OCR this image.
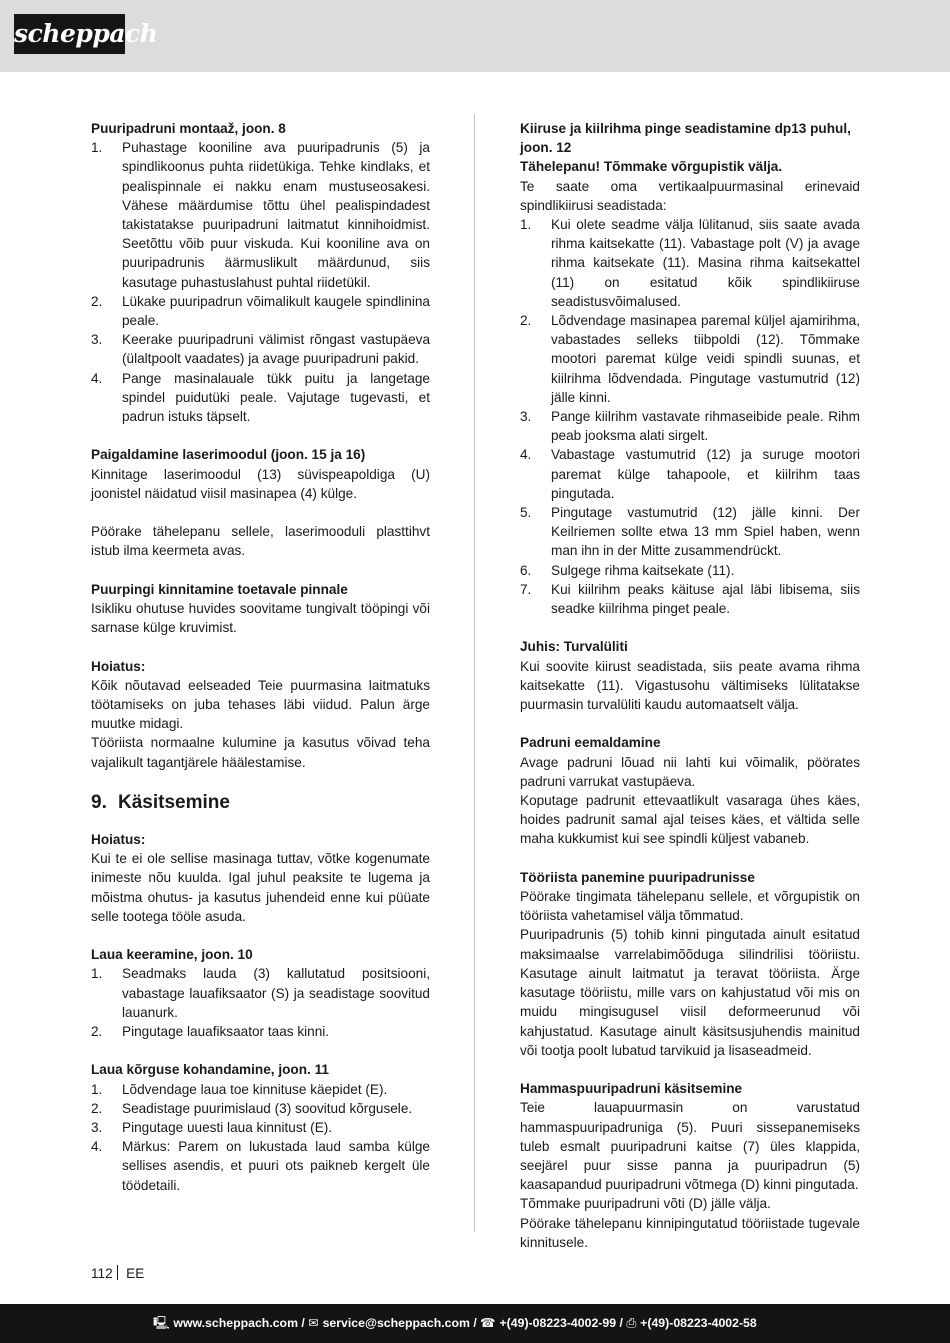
scheppach
Puuripadruni montaaž, joon. 8
1.	Puhastage kooniline ava puuripadrunis (5) ja spindlikoonus puhta riidetükiga. Tehke kindlaks, et pealispinnale ei nakku enam mustuseosakesi. Vähese määrdumise tõttu ühel pealispindadest takistatakse puuripadruni laitmatut kinnihoidmist. Seetõttu võib puur viskuda. Kui kooniline ava on puuripadrunis äärmuslikult määrdunud, siis kasutage puhastuslahust puhtal riidetükil.
2.	Lükake puuripadrun võimalikult kaugele spindlinina peale.
3.	Keerake puuripadruni välimist rõngast vastupäeva (ülaltpoolt vaadates) ja avage puuripadruni pakid.
4.	Pange masinalauale tükk puitu ja langetage spindel puidutüki peale. Vajutage tugevasti, et padrun istuks täpselt.
Paigaldamine laserimoodul (joon. 15 ja 16)
Kinnitage laserimoodul (13) süvispeapoldiga (U) joonistel näidatud viisil masinapea (4) külge.
Pöörake tähelepanu sellele, laserimooduli plasttihvt istub ilma keermeta avas.
Puurpingi kinnitamine toetavale pinnale
Isikliku ohutuse huvides soovitame tungivalt tööpingi või sarnase külge kruvimist.
Hoiatus:
Kõik nõutavad eelseaded Teie puurmasina laitmatuks töötamiseks on juba tehases läbi viidud. Palun ärge muutke midagi.
Tööriista normaalne kulumine ja kasutus võivad teha vajalikult tagantjärele häälestamise.
9. Käsitsemine
Hoiatus:
Kui te ei ole sellise masinaga tuttav, võtke kogenumate inimeste nõu kuulda. Igal juhul peaksite te lugema ja mõistma ohutus- ja kasutus juhendeid enne kui püüate selle tootega tööle asuda.
Laua keeramine, joon. 10
1.	Seadmaks lauda (3) kallutatud positsiooni, vabastage lauafiksaator (S) ja seadistage soovitud lauanurk.
2.	Pingutage lauafiksaator taas kinni.
Laua kõrguse kohandamine, joon. 11
1.	Lõdvendage laua toe kinnituse käepidet (E).
2.	Seadistage puurimislaud (3) soovitud kõrgusele.
3.	Pingutage uuesti laua kinnitust (E).
4.	Märkus: Parem on lukustada laud samba külge sellises asendis, et puuri ots paikneb kergelt üle töödetaili.
Kiiruse ja kiilrihma pinge seadistamine dp13 puhul, joon. 12
Tähelepanu! Tõmmake võrgupistik välja.
Te saate oma vertikaalpuurmasinal erinevaid spindlikiirusi seadistada:
1.	Kui olete seadme välja lülitanud, siis saate avada rihma kaitsekatte (11). Vabastage polt (V) ja avage rihma kaitsekate (11). Masina rihma kaitsekattel (11) on esitatud kõik spindlikiiruse seadistusvõimalused.
2.	Lõdvendage masinapea paremal küljel ajamirihma, vabastades selleks tiibpoldi (12). Tõmmake mootori paremat külge veidi spindli suunas, et kiilrihma lõdvendada. Pingutage vastumutrid (12) jälle kinni.
3.	Pange kiilrihm vastavate rihmaseibide peale. Rihm peab jooksma alati sirgelt.
4.	Vabastage vastumutrid (12) ja suruge mootori paremat külge tahapoole, et kiilrihm taas pingutada.
5.	Pingutage vastumutrid (12) jälle kinni. Der Keilriemen sollte etwa 13 mm Spiel haben, wenn man ihn in der Mitte zusammendrückt.
6.	Sulgege rihma kaitsekate (11).
7.	Kui kiilrihm peaks käituse ajal läbi libisema, siis seadke kiilrihma pinget peale.
Juhis: Turvalüliti
Kui soovite kiirust seadistada, siis peate avama rihma kaitsekatte (11). Vigastusohu vältimiseks lülitatakse puurmasin turvalüliti kaudu automaatselt välja.
Padruni eemaldamine
Avage padruni lõuad nii lahti kui võimalik, pöörates padruni varrukat vastupäeva.
Koputage padrunit ettevaatlikult vasaraga ühes käes, hoides padrunit samal ajal teises käes, et vältida selle maha kukkumist kui see spindli küljest vabaneb.
Tööriista panemine puuripadrunisse
Pöörake tingimata tähelepanu sellele, et võrgupistik on tööriista vahetamisel välja tõmmatud.
Puuripadrunis (5) tohib kinni pingutada ainult esitatud maksimaalse varrelabimõõduga silindrilisi tööriistu. Kasutage ainult laitmatut ja teravat tööriista. Ärge kasutage tööriistu, mille vars on kahjustatud või mis on muidu mingisugusel viisil deformeerunud või kahjustatud. Kasutage ainult käsitsusjuhendis mainitud või tootja poolt lubatud tarvikuid ja lisaseadmeid.
Hammaspuuripadruni käsitsemine
Teie lauapuurmasin on varustatud hammaspuuripadruniga (5). Puuri sissepanemiseks tuleb esmalt puuripadruni kaitse (7) üles klappida, seejärel puur sisse panna ja puuripadrun (5) kaasapandud puuripadruni võtmega (D) kinni pingutada.
Tõmmake puuripadruni võti (D) jälle välja.
Pöörake tähelepanu kinnipingutatud tööriistade tugevale kinnitusele.
112 EE
🖳 www.scheppach.com / ✉ service@scheppach.com / ☎ +(49)-08223-4002-99 / ⎙ +(49)-08223-4002-58
